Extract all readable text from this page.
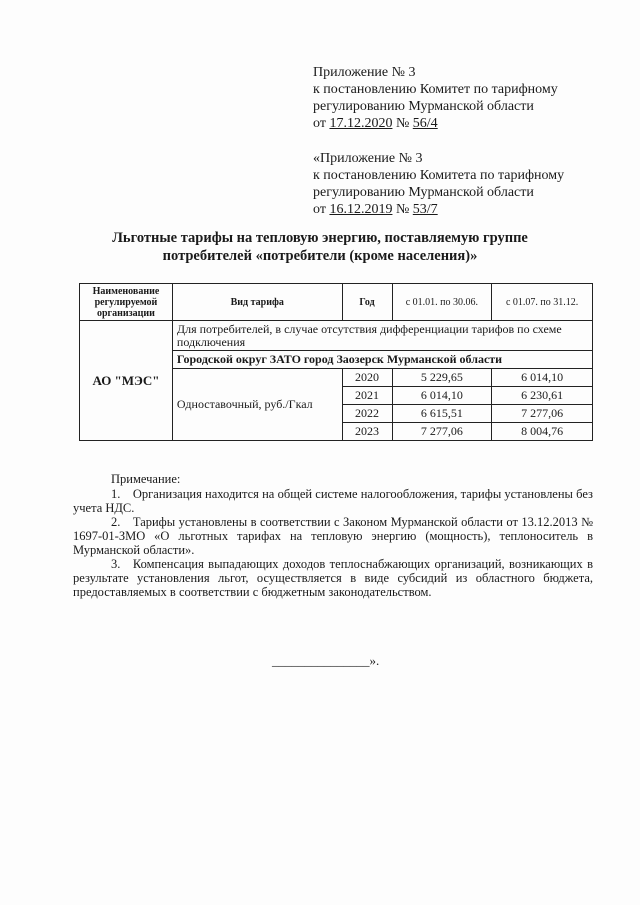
Приложение № 3
к постановлению Комитет по тарифному
регулированию Мурманской области
от 17.12.2020 № 56/4
«Приложение № 3
к постановлению Комитета по тарифному
регулированию Мурманской области
от 16.12.2019 № 53/7
Льготные тарифы на тепловую энергию, поставляемую группе
потребителей «потребители (кроме населения)»
Наименование регулируемой организации	Вид тарифа	Год	с 01.01. по 30.06.	с 01.07. по 31.12.
АО "МЭС"	Для потребителей, в случае отсутствия дифференциации тарифов по схеме подключения			
	Городской округ ЗАТО город Заозерск Мурманской области			
	Одноставочный, руб./Гкал	2020	5 229,65	6 014,10
		2021	6 014,10	6 230,61
		2022	6 615,51	7 277,06
		2023	7 277,06	8 004,76
Примечание:

1. Организация находится на общей системе налогообложения, тарифы установлены без учета НДС.

2. Тарифы установлены в соответствии с Законом Мурманской области от 13.12.2013 № 1697-01-ЗМО «О льготных тарифах на тепловую энергию (мощность), теплоноситель в Мурманской области».

3. Компенсация выпадающих доходов теплоснабжающих организаций, возникающих в результате установления льгот, осуществляется в виде субсидий из областного бюджета, предоставляемых в соответствии с бюджетным законодательством.

_______________».
